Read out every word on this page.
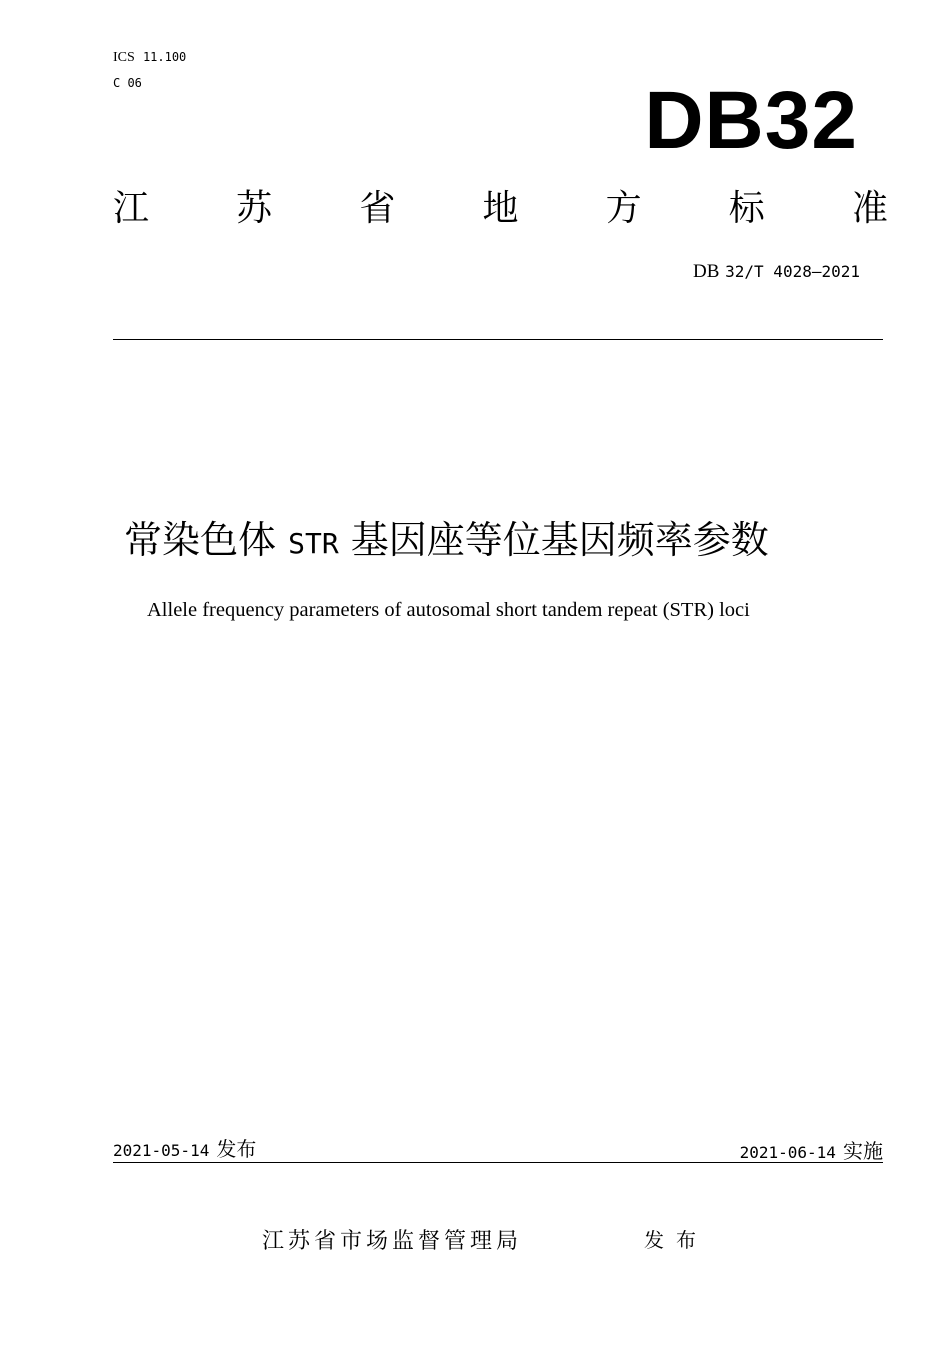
ICS 11.100
C 06	DB32
江 苏 省 地 方 标 准
DB 32/T 4028—2021
常染色体 STR 基因座等位基因频率参数
Allele frequency parameters of autosomal short tandem repeat (STR) loci
2021-05-14 发布	2021-06-14 实施
江苏省市场监督管理局	发布
